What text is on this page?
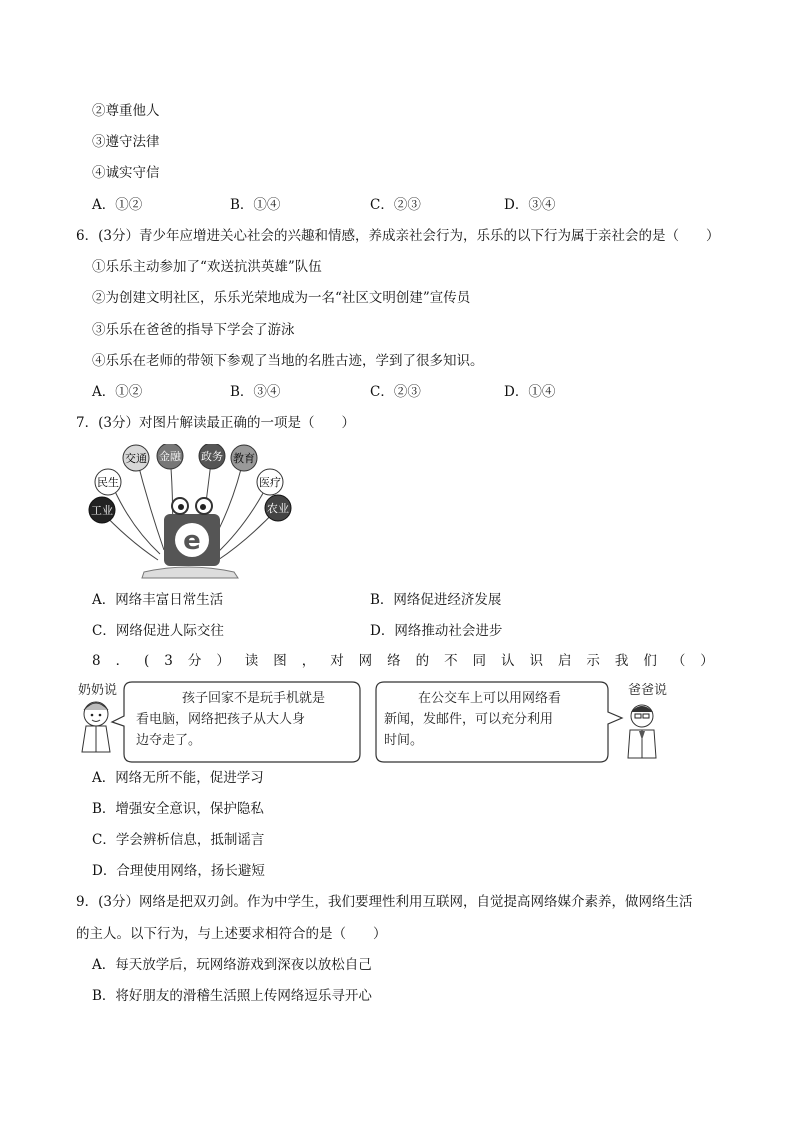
②尊重他人
③遵守法律
④诚实守信
A．①②	B．①④	C．②③	D．③④
6．(3分）青少年应增进关心社会的兴趣和情感，养成亲社会行为，乐乐的以下行为属于亲社会的是（　　）
①乐乐主动参加了“欢送抗洪英雄”队伍
②为创建文明社区，乐乐光荣地成为一名“社区文明创建”宣传员
③乐乐在爸爸的指导下学会了游泳
④乐乐在老师的带领下参观了当地的名胜古迹，学到了很多知识。
A．①②	B．③④	C．②③	D．①④
7．(3分）对图片解读最正确的一项是（　　）
e
民生
交通 金融 政务 教育
医疗
工业	农业
A．网络丰富日常生活	B．网络促进经济发展
C．网络促进人际交往	D．网络推动社会进步
8 ． ( 3 分 ） 读 图 ， 对 网 络 的 不 同 认 识 启 示 我 们 （ ）
奶奶说
孩子回家不是玩手机就是
看电脑，网络把孩子从大人身
边夺走了。
在公交车上可以用网络看
新闻，发邮件，可以充分利用
时间。
爸爸说
A．网络无所不能，促进学习
B．增强安全意识，保护隐私
C．学会辨析信息，抵制谣言
D．合理使用网络，扬长避短
9．(3分）网络是把双刃剑。作为中学生，我们要理性利用互联网，自觉提高网络媒介素养，做网络生活
的主人。以下行为，与上述要求相符合的是（　　）
A．每天放学后，玩网络游戏到深夜以放松自己
B．将好朋友的滑稽生活照上传网络逗乐寻开心
